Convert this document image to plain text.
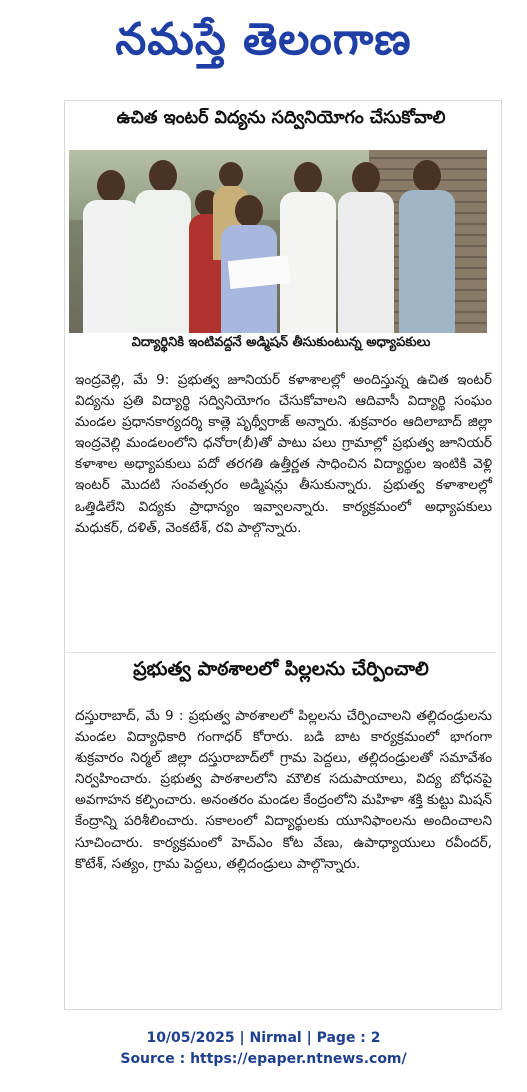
నమస్తే తెలంగాణ
ఉచిత ఇంటర్ విద్యను సద్వినియోగం చేసుకోవాలి
విద్యార్థినికి ఇంటివద్దనే అడ్మిషన్ తీసుకుంటున్న అధ్యాపకులు

ఇంద్రవెల్లి, మే 9: ప్రభుత్వ జూనియర్ కళాశాలల్లో అందిస్తున్న ఉచిత ఇంటర్ విద్యను ప్రతి విద్యార్థి సద్వినియోగం చేసుకోవాలని ఆదివాసీ విద్యార్థి సంఘం మండల ప్రధానకార్యదర్శి కాత్లె పృథ్వీరాజ్ అన్నారు. శుక్రవారం ఆదిలాబాద్ జిల్లా ఇంద్రవెల్లి మండలంలోని ధనోరా(బీ)తో పాటు పలు గ్రామాల్లో ప్రభుత్వ జూనియర్ కళాశాల అధ్యాపకులు పదో తరగతి ఉత్తీర్ణత సాధించిన విద్యార్థుల ఇంటికి వెళ్లి ఇంటర్ మొదటి సంవత్సరం అడ్మిషన్లు తీసుకున్నారు. ప్రభుత్వ కళాశాలల్లో ఒత్తిడిలేని విద్యకు ప్రాధాన్యం ఇవ్వాలన్నారు. కార్యక్రమంలో అధ్యాపకులు మధుకర్, దళిత్, వెంకటేశ్, రవి పాల్గొన్నారు.

ప్రభుత్వ పాఠశాలలో పిల్లలను చేర్పించాలి

దస్తురాబాద్, మే 9 : ప్రభుత్వ పాఠశాలలో పిల్లలను చేర్పించాలని తల్లిదండ్రులను మండల విద్యాధికారి గంగాధర్ కోరారు. బడి బాట కార్యక్రమంలో భాగంగా శుక్రవారం నిర్మల్ జిల్లా దస్తురాబాద్‌లో గ్రామ పెద్దలు, తల్లిదండ్రులతో సమావేశం నిర్వహించారు. ప్రభుత్వ పాఠశాలలోని మౌలిక సదుపాయాలు, విద్య బోధనపై అవగాహన కల్పించారు. అనంతరం మండల కేంద్రంలోని మహిళా శక్తి కుట్టు మిషన్ కేంద్రాన్ని పరిశీలించారు. సకాలంలో విద్యార్థులకు యూనిఫాంలను అందించాలని సూచించారు. కార్యక్రమంలో హెచ్ఎం కోట వేణు, ఉపాధ్యాయులు రవీందర్, కొటేశ్, సత్యం, గ్రామ పెద్దలు, తల్లిదండ్రులు పాల్గొన్నారు.

10/05/2025 | Nirmal | Page : 2
Source : https://epaper.ntnews.com/
